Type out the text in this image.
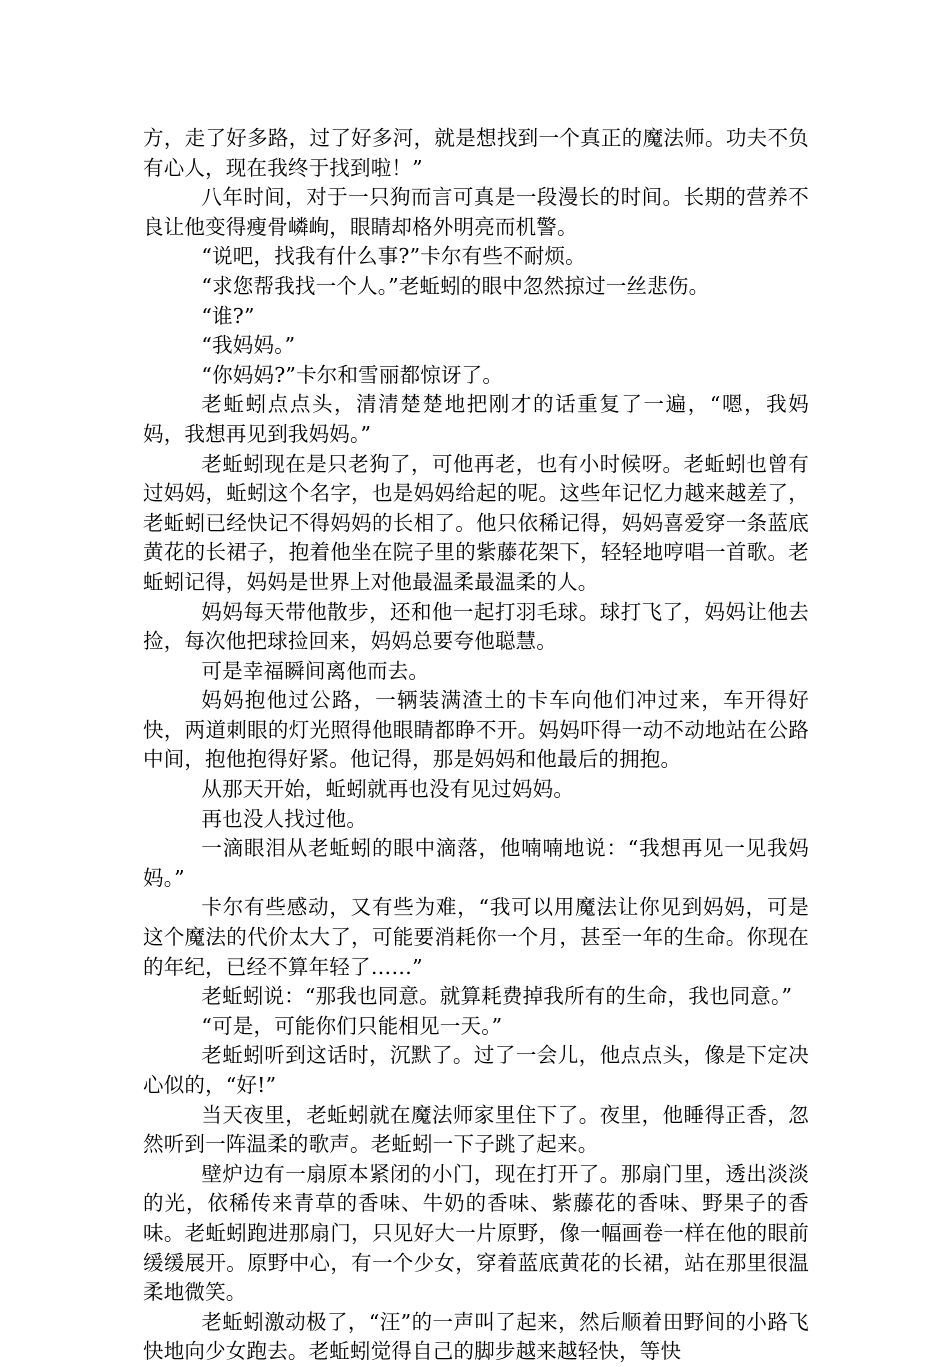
方，走了好多路，过了好多河，就是想找到一个真正的魔法师。功夫不负有心人，现在我终于找到啦！”

八年时间，对于一只狗而言可真是一段漫长的时间。长期的营养不良让他变得瘦骨嶙峋，眼睛却格外明亮而机警。

“说吧，找我有什么事?”卡尔有些不耐烦。

“求您帮我找一个人。”老蚯蚓的眼中忽然掠过一丝悲伤。

“谁?”

“我妈妈。”

“你妈妈?”卡尔和雪丽都惊讶了。

老蚯蚓点点头，清清楚楚地把刚才的话重复了一遍，“嗯，我妈妈，我想再见到我妈妈。”

老蚯蚓现在是只老狗了，可他再老，也有小时候呀。老蚯蚓也曾有过妈妈，蚯蚓这个名字，也是妈妈给起的呢。这些年记忆力越来越差了，老蚯蚓已经快记不得妈妈的长相了。他只依稀记得，妈妈喜爱穿一条蓝底黄花的长裙子，抱着他坐在院子里的紫藤花架下，轻轻地哼唱一首歌。老蚯蚓记得，妈妈是世界上对他最温柔最温柔的人。

妈妈每天带他散步，还和他一起打羽毛球。球打飞了，妈妈让他去捡，每次他把球捡回来，妈妈总要夸他聪慧。

可是幸福瞬间离他而去。

妈妈抱他过公路，一辆装满渣土的卡车向他们冲过来，车开得好快，两道刺眼的灯光照得他眼睛都睁不开。妈妈吓得一动不动地站在公路中间，抱他抱得好紧。他记得，那是妈妈和他最后的拥抱。

从那天开始，蚯蚓就再也没有见过妈妈。

再也没人找过他。

一滴眼泪从老蚯蚓的眼中滴落，他喃喃地说：“我想再见一见我妈妈。”

卡尔有些感动，又有些为难，“我可以用魔法让你见到妈妈，可是这个魔法的代价太大了，可能要消耗你一个月，甚至一年的生命。你现在的年纪，已经不算年轻了……”

老蚯蚓说：“那我也同意。就算耗费掉我所有的生命，我也同意。”

“可是，可能你们只能相见一天。”

老蚯蚓听到这话时，沉默了。过了一会儿，他点点头，像是下定决心似的，“好!”

当天夜里，老蚯蚓就在魔法师家里住下了。夜里，他睡得正香，忽然听到一阵温柔的歌声。老蚯蚓一下子跳了起来。

壁炉边有一扇原本紧闭的小门，现在打开了。那扇门里，透出淡淡的光，依稀传来青草的香味、牛奶的香味、紫藤花的香味、野果子的香味。老蚯蚓跑进那扇门，只见好大一片原野，像一幅画卷一样在他的眼前缓缓展开。原野中心，有一个少女，穿着蓝底黄花的长裙，站在那里很温柔地微笑。

老蚯蚓激动极了，“汪”的一声叫了起来，然后顺着田野间的小路飞快地向少女跑去。老蚯蚓觉得自己的脚步越来越轻快，等快
